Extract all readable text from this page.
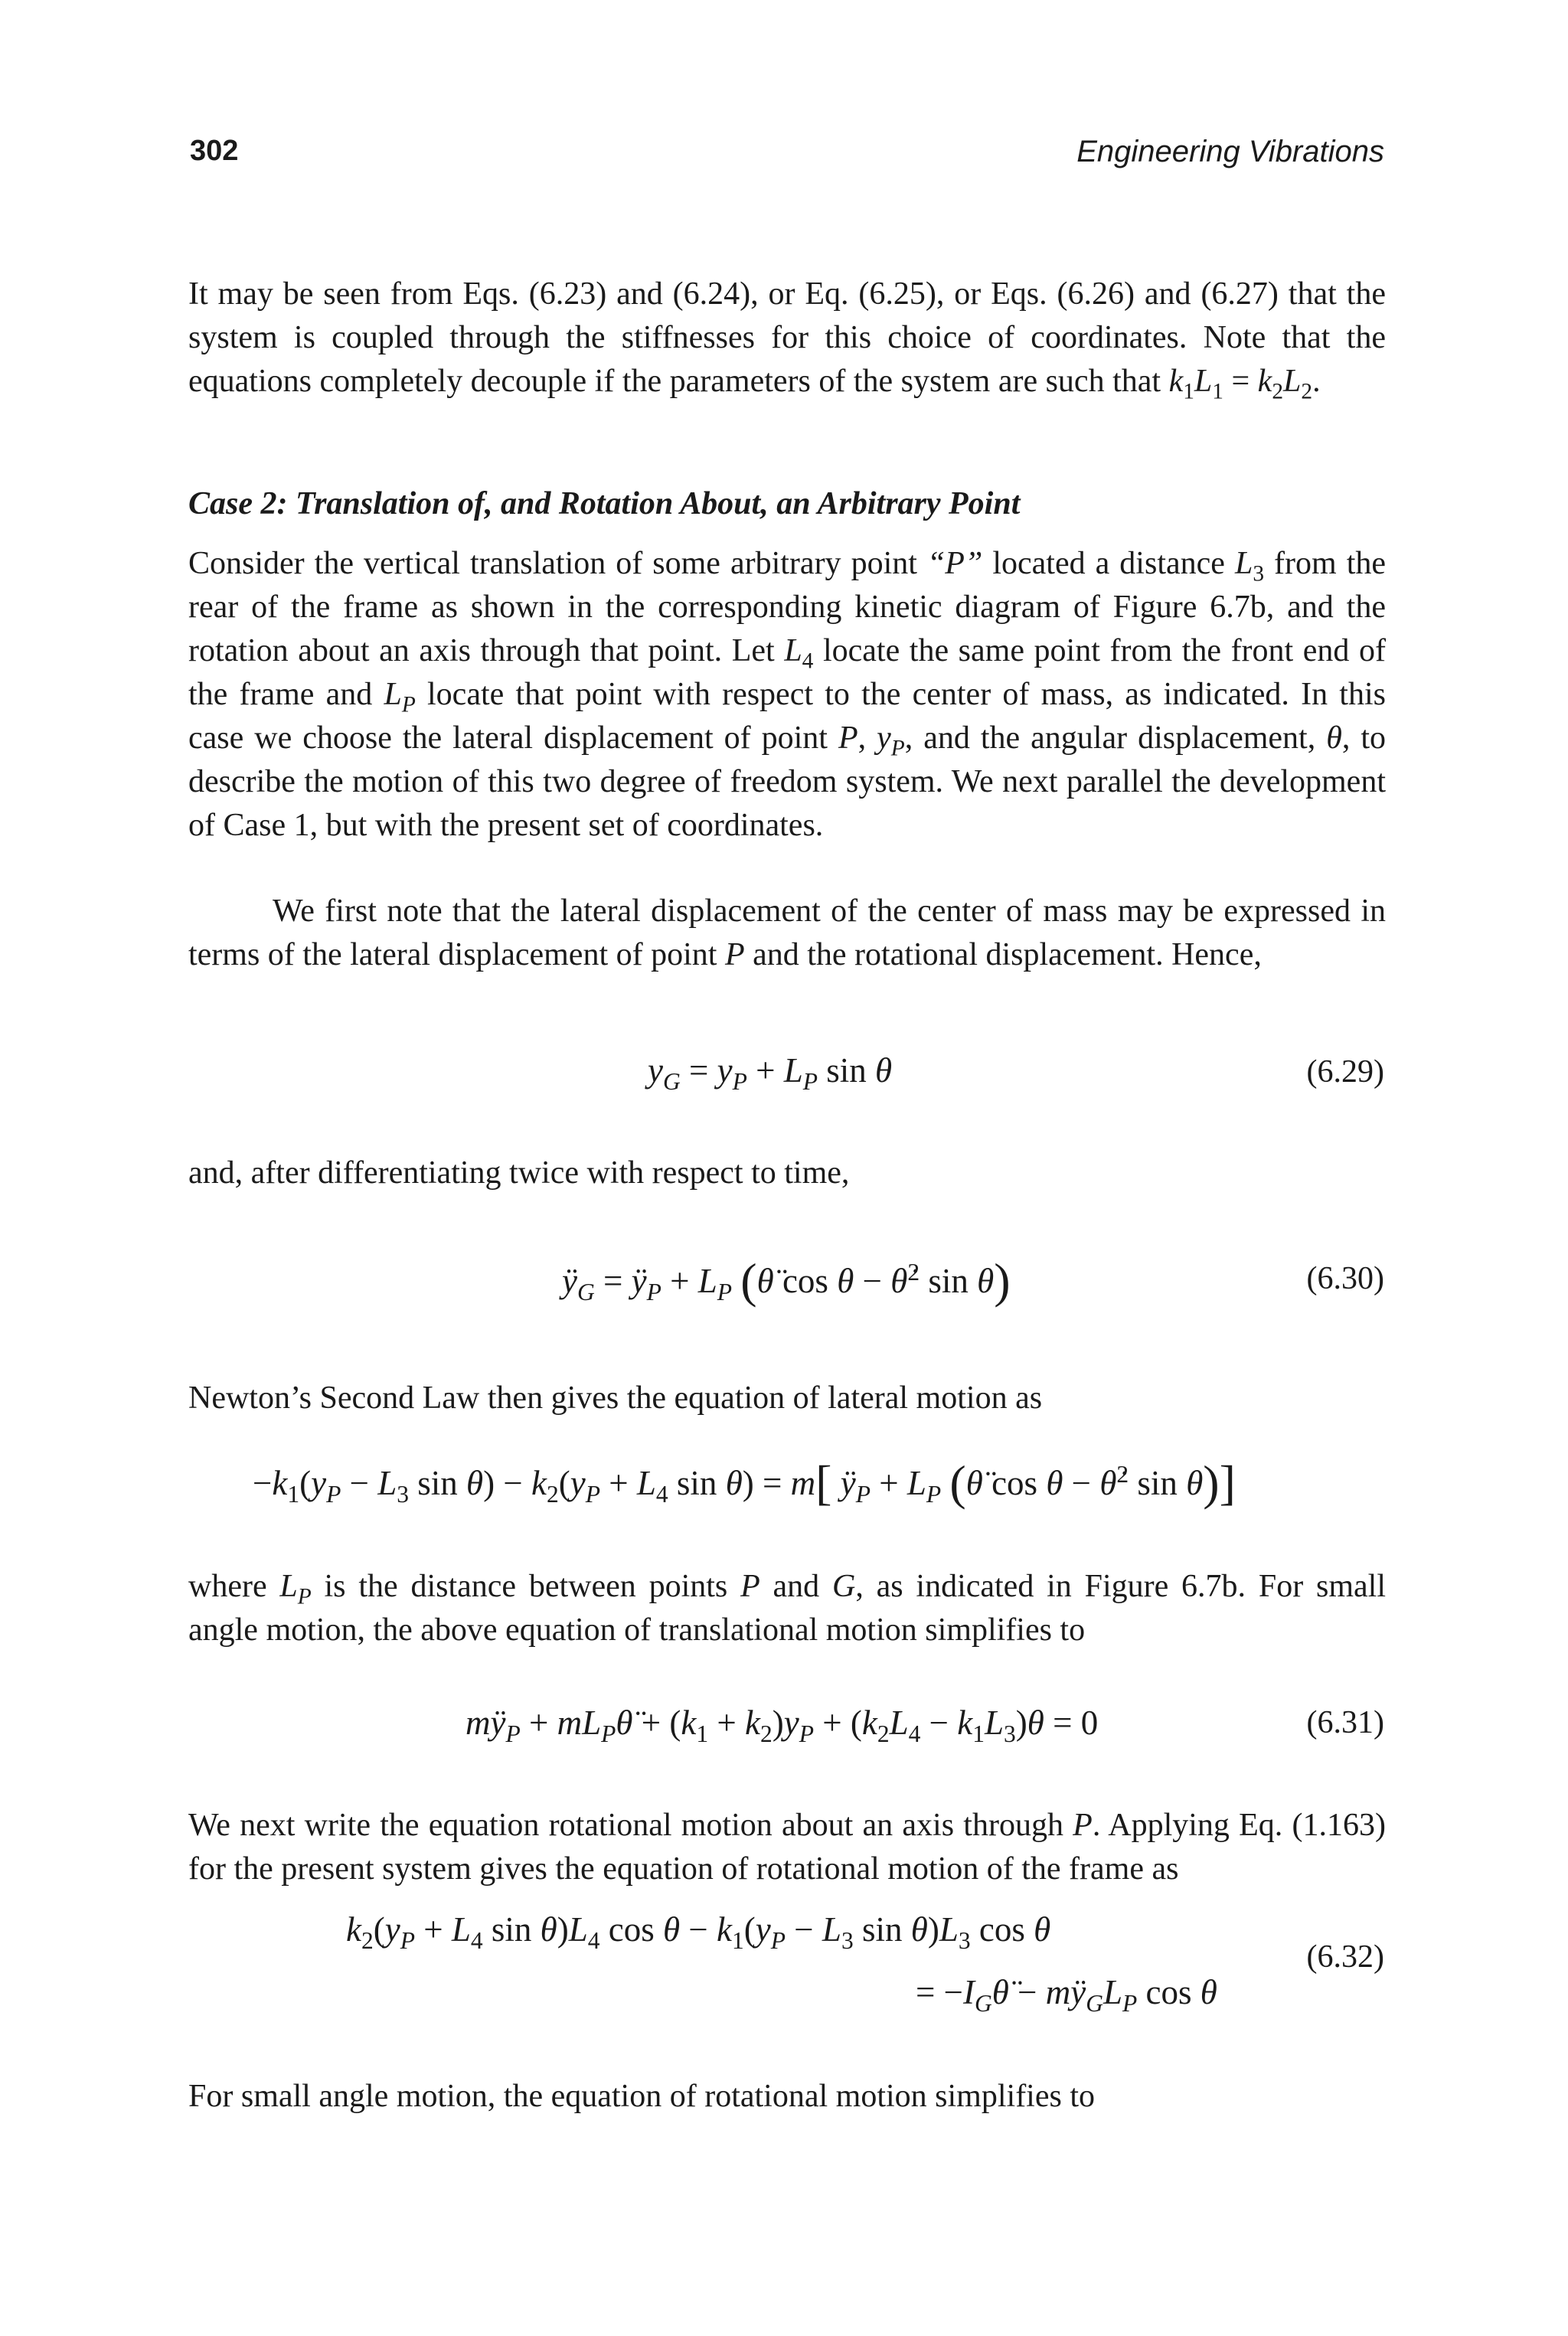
302	Engineering Vibrations

It may be seen from Eqs. (6.23) and (6.24), or Eq. (6.25), or Eqs. (6.26) and (6.27) that the system is coupled through the stiffnesses for this choice of coordinates. Note that the equations completely decouple if the parameters of the system are such that $k_1L_1 = k_2L_2$.

Case 2: Translation of, and Rotation About, an Arbitrary Point

Consider the vertical translation of some arbitrary point “P” located a distance $L_3$ from the rear of the frame as shown in the corresponding kinetic diagram of Figure 6.7b, and the rotation about an axis through that point. Let $L_4$ locate the same point from the front end of the frame and $L_P$ locate that point with respect to the center of mass, as indicated. In this case we choose the lateral displacement of point P, $y_P$, and the angular displacement, θ, to describe the motion of this two degree of freedom system. We next parallel the development of Case 1, but with the present set of coordinates.

We first note that the lateral displacement of the center of mass may be expressed in terms of the lateral displacement of point P and the rotational displacement. Hence,

$y_G = y_P + L_P$ sin θ	(6.29)
and, after differentiating twice with respect to time,
$ÿ_G$ = $ÿ_P + L_P$ (θ̈ cos θ − θ̇$^2$ sin θ)	(6.30)
Newton’s Second Law then gives the equation of lateral motion as
$-k_1(y_P - L_3$ $\sin \theta) - k_2(y_P + L_4$ sin θ) = m[ $ÿ_P + L_P$ (θ̈ cos θ − θ̇$^2$ sin θ)]
where $L_P$ is the distance between points P and G, as indicated in Figure 6.7b. For small angle motion, the above equation of translational motion simplifies to
$mÿ_P$ + $mL_P\thetä + (k_1 + k_2)y_P + (k_2L_4 - k_1L_3)\theta = 0$	(6.31)
We next write the equation rotational motion about an axis through P. Applying Eq. (1.163) for the present system gives the equation of rotational motion of the frame as
$k_2(y_P + L_4$ $\sin \theta)L_4$ $\cos \theta - k_1(y_P - L_3$ $\sin \theta)L_3$ cos θ
= $-I_G\thetä$ − $mÿ_GL_P$ cos θ
(6.32)
For small angle motion, the equation of rotational motion simplifies to
